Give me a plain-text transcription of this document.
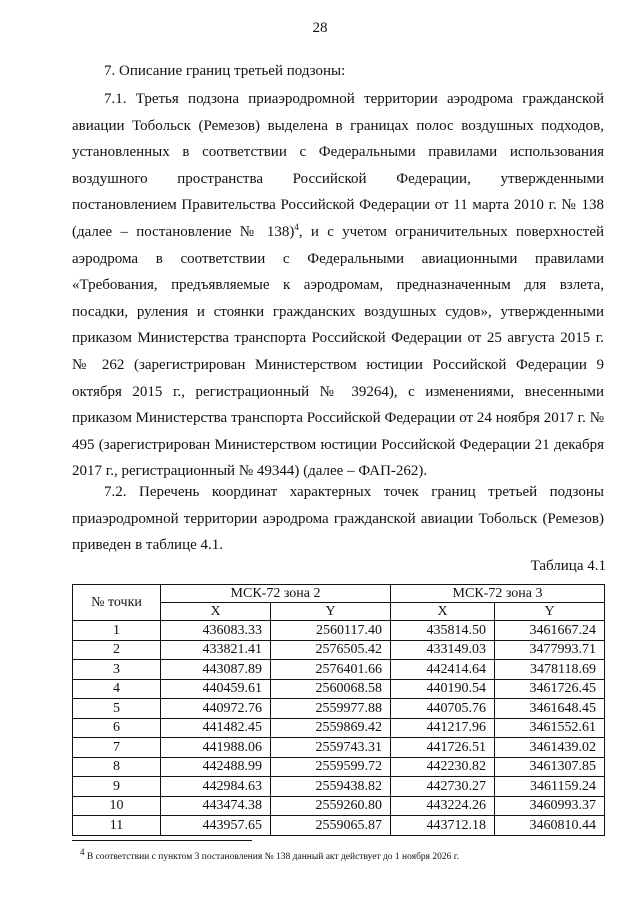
28
7. Описание границ третьей подзоны:
7.1. Третья подзона приаэродромной территории аэродрома гражданской авиации Тобольск (Ремезов) выделена в границах полос воздушных подходов, установленных в соответствии с Федеральными правилами использования воздушного пространства Российской Федерации, утвержденными постановлением Правительства Российской Федерации от 11 марта 2010 г. № 138 (далее – постановление № 138)$^4$, и с учетом ограничительных поверхностей аэродрома в соответствии с Федеральными авиационными правилами «Требования, предъявляемые к аэродромам, предназначенным для взлета, посадки, руления и стоянки гражданских воздушных судов», утвержденными приказом Министерства транспорта Российской Федерации от 25 августа 2015 г. № 262 (зарегистрирован Министерством юстиции Российской Федерации 9 октября 2015 г., регистрационный № 39264), с изменениями, внесенными приказом Министерства транспорта Российской Федерации от 24 ноября 2017 г. № 495 (зарегистрирован Министерством юстиции Российской Федерации 21 декабря 2017 г., регистрационный № 49344) (далее – ФАП-262).
7.2. Перечень координат характерных точек границ третьей подзоны приаэродромной территории аэродрома гражданской авиации Тобольск (Ремезов) приведен в таблице 4.1.
Таблица 4.1
№ точки	МСК-72 зона 2		МСК-72 зона 3	
	X	Y	X	Y
1	436083.33	2560117.40	435814.50	3461667.24
2	433821.41	2576505.42	433149.03	3477993.71
3	443087.89	2576401.66	442414.64	3478118.69
4	440459.61	2560068.58	440190.54	3461726.45
5	440972.76	2559977.88	440705.76	3461648.45
6	441482.45	2559869.42	441217.96	3461552.61
7	441988.06	2559743.31	441726.51	3461439.02
8	442488.99	2559599.72	442230.82	3461307.85
9	442984.63	2559438.82	442730.27	3461159.24
10	443474.38	2559260.80	443224.26	3460993.37
11	443957.65	2559065.87	443712.18	3460810.44
$^4$ В соответствии с пунктом 3 постановления № 138 данный акт действует до 1 ноября 2026 г.
